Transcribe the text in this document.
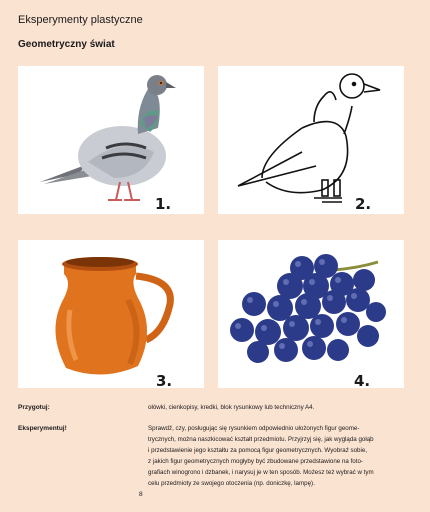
Eksperymenty plastyczne
Geometryczny świat
1.	2.
3.	4.
Przygotuj:	ołówki, cienkopisy, kredki, blok rysunkowy lub techniczny A4.
Eksperymentuj!	Sprawdź, czy, posługując się rysunkiem odpowiednio ułożonych figur geome-
trycznych, można naszkicować kształt przedmiotu. Przyjrzyj się, jak wygląda gołąb
i przedstawienie jego kształtu za pomocą figur geometrycznych. Wyobraź sobie,
z jakich figur geometrycznych mogłyby być zbudowane przedstawione na foto-
grafiach winogrono i dzbanek, i narysuj je w ten sposób. Możesz też wybrać w tym
celu przedmioty ze swojego otoczenia (np. doniczkę, lampę).
8
